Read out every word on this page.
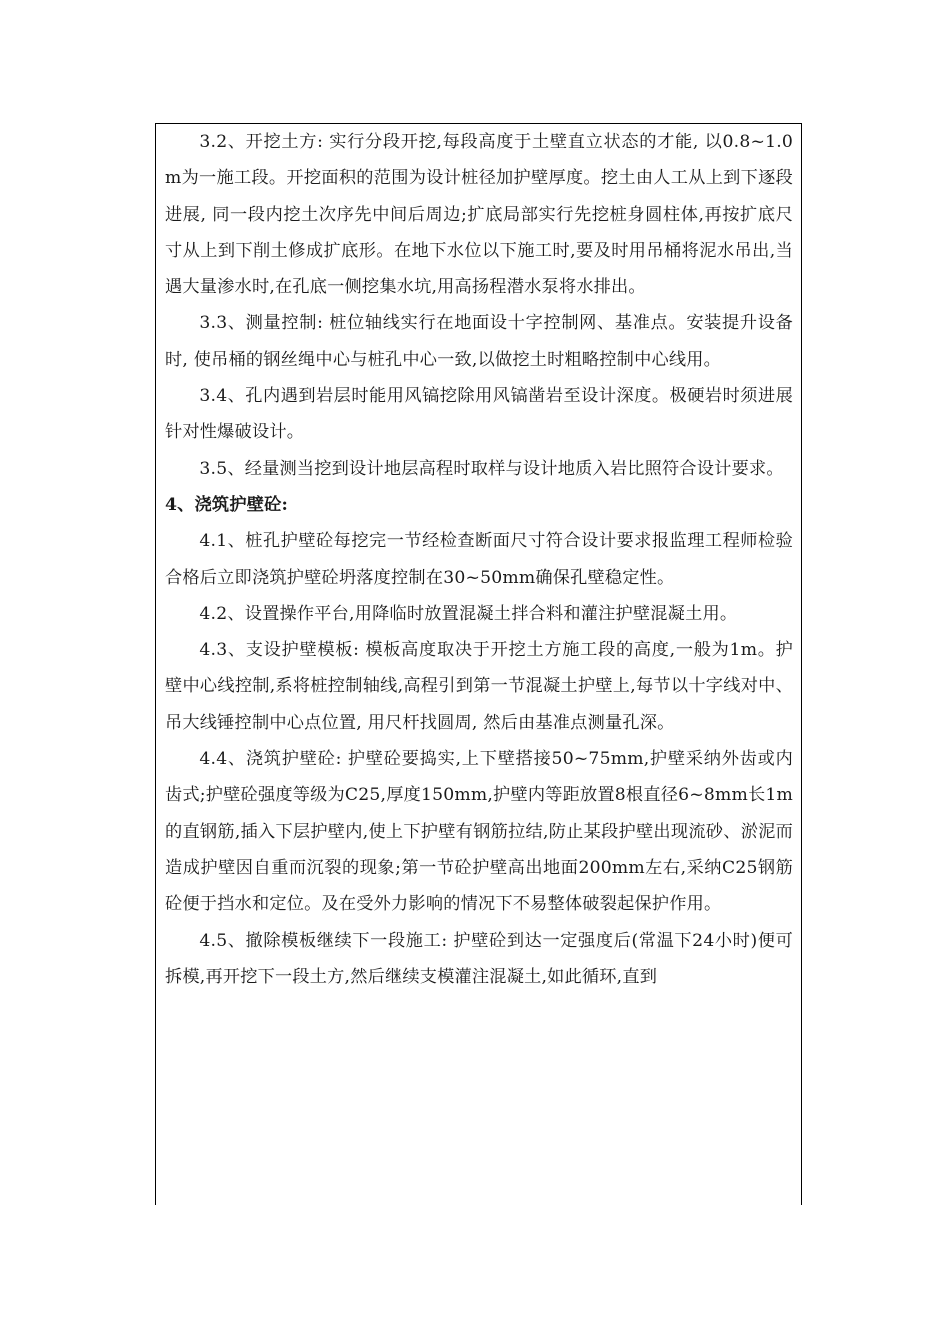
3.2、开挖土方: 实行分段开挖,每段高度于土壁直立状态的才能, 以0.8~1.0m为一施工段。开挖面积的范围为设计桩径加护壁厚度。挖土由人工从上到下逐段进展, 同一段内挖土次序先中间后周边;扩底局部实行先挖桩身圆柱体,再按扩底尺寸从上到下削土修成扩底形。在地下水位以下施工时,要及时用吊桶将泥水吊出,当遇大量渗水时,在孔底一侧挖集水坑,用高扬程潜水泵将水排出。

3.3、测量控制: 桩位轴线实行在地面设十字控制网、基准点。安装提升设备时, 使吊桶的钢丝绳中心与桩孔中心一致,以做挖土时粗略控制中心线用。

3.4、孔内遇到岩层时能用风镐挖除用风镐凿岩至设计深度。极硬岩时须进展针对性爆破设计。

3.5、经量测当挖到设计地层高程时取样与设计地质入岩比照符合设计要求。

4、浇筑护壁砼:

4.1、桩孔护壁砼每挖完一节经检查断面尺寸符合设计要求报监理工程师检验合格后立即浇筑护壁砼坍落度控制在30~50mm确保孔壁稳定性。

4.2、设置操作平台,用降临时放置混凝土拌合料和灌注护壁混凝土用。

4.3、支设护壁模板: 模板高度取决于开挖土方施工段的高度,一般为1m。护壁中心线控制,系将桩控制轴线,高程引到第一节混凝土护壁上,每节以十字线对中、吊大线锤控制中心点位置, 用尺杆找圆周, 然后由基准点测量孔深。

4.4、浇筑护壁砼: 护壁砼要捣实,上下壁搭接50~75mm,护壁采纳外齿或内齿式;护壁砼强度等级为C25,厚度150mm,护壁内等距放置8根直径6~8mm长1m的直钢筋,插入下层护壁内,使上下护壁有钢筋拉结,防止某段护壁出现流砂、淤泥而造成护壁因自重而沉裂的现象;第一节砼护壁高出地面200mm左右,采纳C25钢筋砼便于挡水和定位。及在受外力影响的情况下不易整体破裂起保护作用。

4.5、撤除模板继续下一段施工: 护壁砼到达一定强度后(常温下24小时)便可拆模,再开挖下一段土方,然后继续支模灌注混凝土,如此循环,直到
